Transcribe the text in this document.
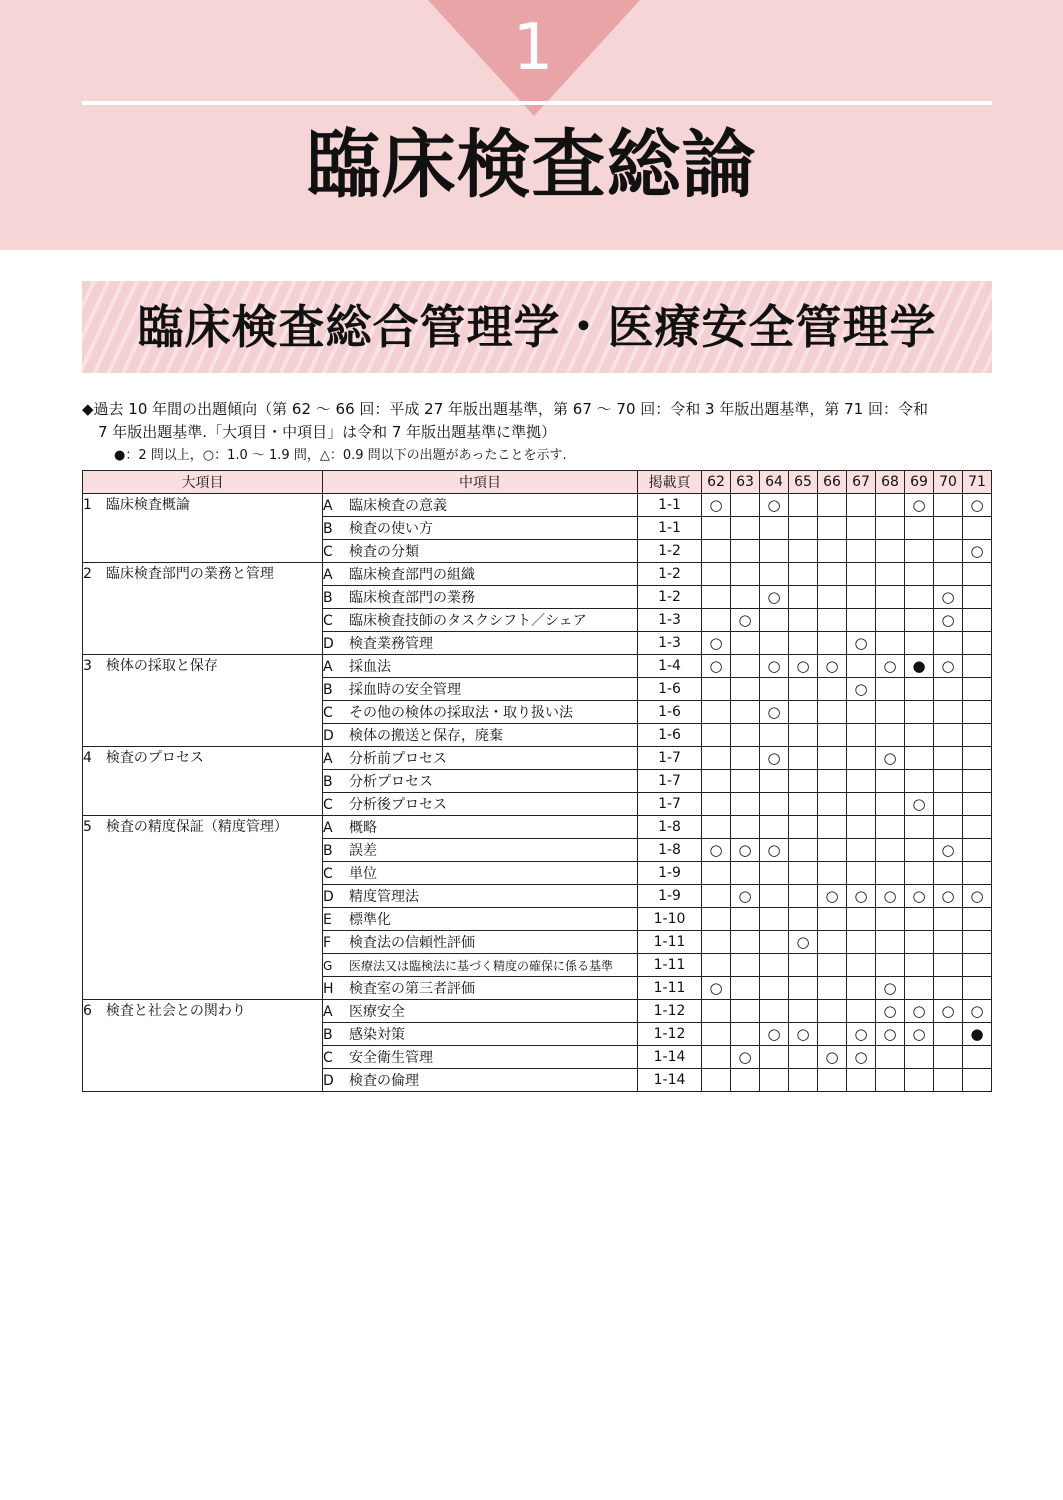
1
臨床検査総論
臨床検査総合管理学・医療安全管理学
◆過去 10 年間の出題傾向（第 62 〜 66 回：平成 27 年版出題基準，第 67 〜 70 回：令和 3 年版出題基準，第 71 回：令和
7 年版出題基準.「大項目・中項目」は令和 7 年版出題基準に準拠）
●：2 問以上，○：1.0 〜 1.9 問，△：0.9 問以下の出題があったことを示す.
大項目	中項目	掲載頁	62	63	64	65	66	67	68	69	70	71
1　臨床検査概論	A 臨床検査の意義	1-1	○		○					○		○
	B 検査の使い方	1-1										
	C 検査の分類	1-2										○
2　臨床検査部門の業務と管理	A 臨床検査部門の組織	1-2										
	B 臨床検査部門の業務	1-2			○						○	
	C 臨床検査技師のタスクシフト／シェア	1-3		○							○	
	D 検査業務管理	1-3	○					○				
3　検体の採取と保存	A 採血法	1-4	○		○	○	○		○	●	○	
	B 採血時の安全管理	1-6						○				
	C その他の検体の採取法・取り扱い法	1-6			○							
	D 検体の搬送と保存，廃棄	1-6										
4　検査のプロセス	A 分析前プロセス	1-7			○				○			
	B 分析プロセス	1-7										
	C 分析後プロセス	1-7								○		
5　検査の精度保証（精度管理）	A 概略	1-8										
	B 誤差	1-8	○	○	○						○	
	C 単位	1-9										
	D 精度管理法	1-9		○			○	○	○	○	○	○
	E 標準化	1-10										
	F 検査法の信頼性評価	1-11				○						
	G 医療法又は臨検法に基づく精度の確保に係る基準	1-11										
	H 検査室の第三者評価	1-11	○						○			
6　検査と社会との関わり	A 医療安全	1-12							○	○	○	○
	B 感染対策	1-12			○	○		○	○	○		●
	C 安全衛生管理	1-14		○			○	○				
	D 検査の倫理	1-14										
